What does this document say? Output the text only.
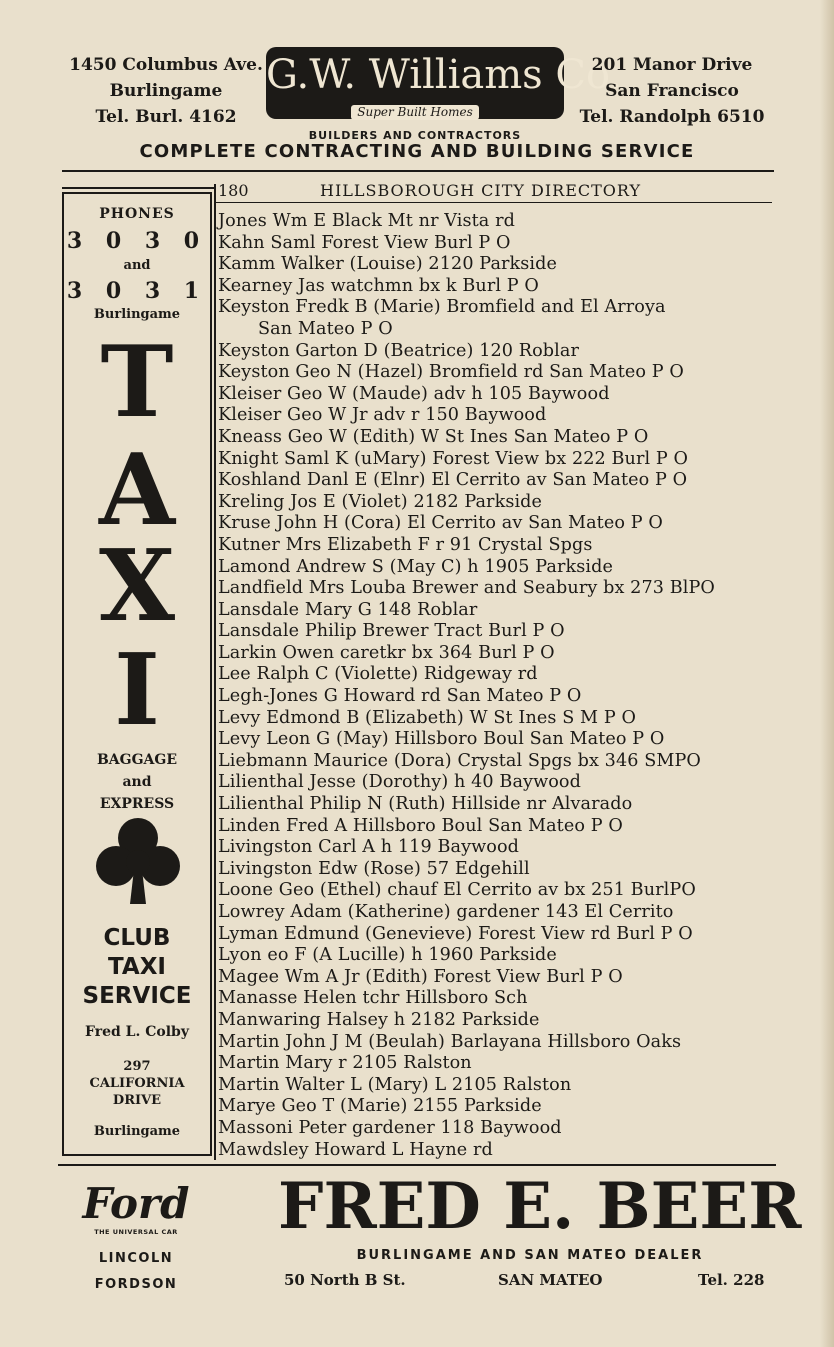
1450 Columbus Ave.
Burlingame
Tel. Burl. 4162
G.W. Williams Co.
Super Built Homes
201 Manor Drive
San Francisco
Tel. Randolph 6510
BUILDERS AND CONTRACTORS
COMPLETE CONTRACTING AND BUILDING SERVICE
PHONES
3 0 3 0
and
3 0 3 1
Burlingame
T
A
X
I
BAGGAGE
and
EXPRESS
CLUB
TAXI
SERVICE
Fred L. Colby
297
CALIFORNIA
DRIVE
Burlingame
180	HILLSBOROUGH CITY DIRECTORY
Jones Wm E Black Mt nr Vista rd
Kahn Saml Forest View Burl P O
Kamm Walker (Louise) 2120 Parkside
Kearney Jas watchmn bx k Burl P O
Keyston Fredk B (Marie) Bromfield and El Arroya
San Mateo P O
Keyston Garton D (Beatrice) 120 Roblar
Keyston Geo N (Hazel) Bromfield rd San Mateo P O
Kleiser Geo W (Maude) adv h 105 Baywood
Kleiser Geo W Jr adv r 150 Baywood
Kneass Geo W (Edith) W St Ines San Mateo P O
Knight Saml K (uMary) Forest View bx 222 Burl P O
Koshland Danl E (Elnr) El Cerrito av San Mateo P O
Kreling Jos E (Violet) 2182 Parkside
Kruse John H (Cora) El Cerrito av San Mateo P O
Kutner Mrs Elizabeth F r 91 Crystal Spgs
Lamond Andrew S (May C) h 1905 Parkside
Landfield Mrs Louba Brewer and Seabury bx 273 BlPO
Lansdale Mary G 148 Roblar
Lansdale Philip Brewer Tract Burl P O
Larkin Owen caretkr bx 364 Burl P O
Lee Ralph C (Violette) Ridgeway rd
Legh-Jones G Howard rd San Mateo P O
Levy Edmond B (Elizabeth) W St Ines S M P O
Levy Leon G (May) Hillsboro Boul San Mateo P O
Liebmann Maurice (Dora) Crystal Spgs bx 346 SMPO
Lilienthal Jesse (Dorothy) h 40 Baywood
Lilienthal Philip N (Ruth) Hillside nr Alvarado
Linden Fred A Hillsboro Boul San Mateo P O
Livingston Carl A h 119 Baywood
Livingston Edw (Rose) 57 Edgehill
Loone Geo (Ethel) chauf El Cerrito av bx 251 BurlPO
Lowrey Adam (Katherine) gardener 143 El Cerrito
Lyman Edmund (Genevieve) Forest View rd Burl P O
Lyon eo F (A Lucille) h 1960 Parkside
Magee Wm A Jr (Edith) Forest View Burl P O
Manasse Helen tchr Hillsboro Sch
Manwaring Halsey h 2182 Parkside
Martin John J M (Beulah) Barlayana Hillsboro Oaks
Martin Mary r 2105 Ralston
Martin Walter L (Mary) L 2105 Ralston
Marye Geo T (Marie) 2155 Parkside
Massoni Peter gardener 118 Baywood
Mawdsley Howard L Hayne rd
Ford
THE UNIVERSAL CAR
LINCOLN
FORDSON
FRED E. BEER
BURLINGAME AND SAN MATEO DEALER
50 North B St.	SAN MATEO	Tel. 228
